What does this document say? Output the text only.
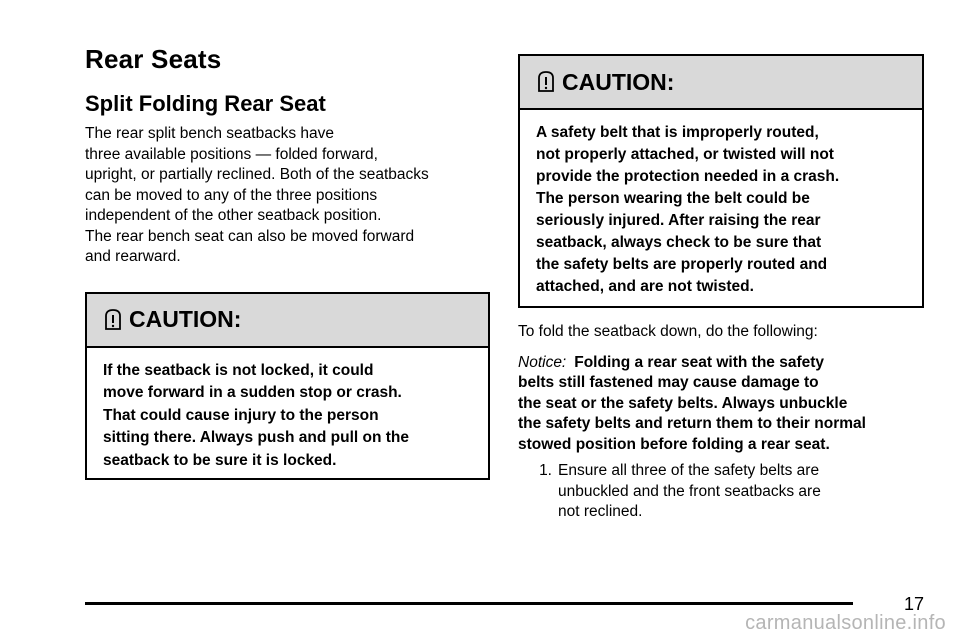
Rear Seats
Split Folding Rear Seat

The rear split bench seatbacks have
three available positions — folded forward,
upright, or partially reclined. Both of the seatbacks
can be moved to any of the three positions
independent of the other seatback position.
The rear bench seat can also be moved forward
and rearward.

CAUTION:
If the seatback is not locked, it could
move forward in a sudden stop or crash.
That could cause injury to the person
sitting there. Always push and pull on the
seatback to be sure it is locked.
CAUTION:
A safety belt that is improperly routed,
not properly attached, or twisted will not
provide the protection needed in a crash.
The person wearing the belt could be
seriously injured. After raising the rear
seatback, always check to be sure that
the safety belts are properly routed and
attached, and are not twisted.

To fold the seatback down, do the following:

Notice: Folding a rear seat with the safety
belts still fastened may cause damage to
the seat or the safety belts. Always unbuckle
the safety belts and return them to their normal
stowed position before folding a rear seat.

1. Ensure all three of the safety belts are
unbuckled and the front seatbacks are
not reclined.
17
carmanualsonline.info
